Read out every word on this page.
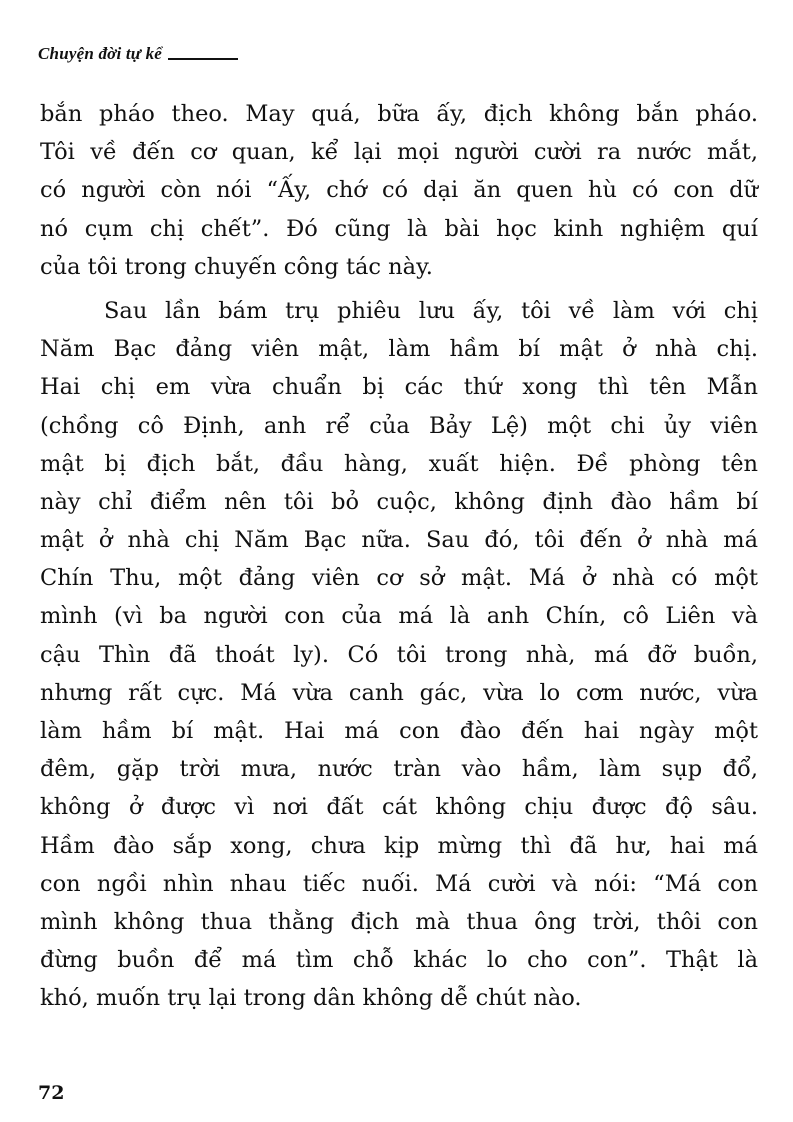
Chuyện đời tự kể
bắn pháo theo. May quá, bữa ấy, địch không bắn pháo.
Tôi về đến cơ quan, kể lại mọi người cười ra nước mắt,
có người còn nói “Ấy, chớ có dại ăn quen hù có con dữ
nó cụm chị chết”. Đó cũng là bài học kinh nghiệm quí
của tôi trong chuyến công tác này.
Sau lần bám trụ phiêu lưu ấy, tôi về làm với chị
Năm Bạc đảng viên mật, làm hầm bí mật ở nhà chị.
Hai chị em vừa chuẩn bị các thứ xong thì tên Mẫn
(chồng cô Định, anh rể của Bảy Lệ) một chi ủy viên
mật bị địch bắt, đầu hàng, xuất hiện. Đề phòng tên
này chỉ điểm nên tôi bỏ cuộc, không định đào hầm bí
mật ở nhà chị Năm Bạc nữa. Sau đó, tôi đến ở nhà má
Chín Thu, một đảng viên cơ sở mật. Má ở nhà có một
mình (vì ba người con của má là anh Chín, cô Liên và
cậu Thìn đã thoát ly). Có tôi trong nhà, má đỡ buồn,
nhưng rất cực. Má vừa canh gác, vừa lo cơm nước, vừa
làm hầm bí mật. Hai má con đào đến hai ngày một
đêm, gặp trời mưa, nước tràn vào hầm, làm sụp đổ,
không ở được vì nơi đất cát không chịu được độ sâu.
Hầm đào sắp xong, chưa kịp mừng thì đã hư, hai má
con ngồi nhìn nhau tiếc nuối. Má cười và nói: “Má con
mình không thua thằng địch mà thua ông trời, thôi con
đừng buồn để má tìm chỗ khác lo cho con”. Thật là
khó, muốn trụ lại trong dân không dễ chút nào.
72
